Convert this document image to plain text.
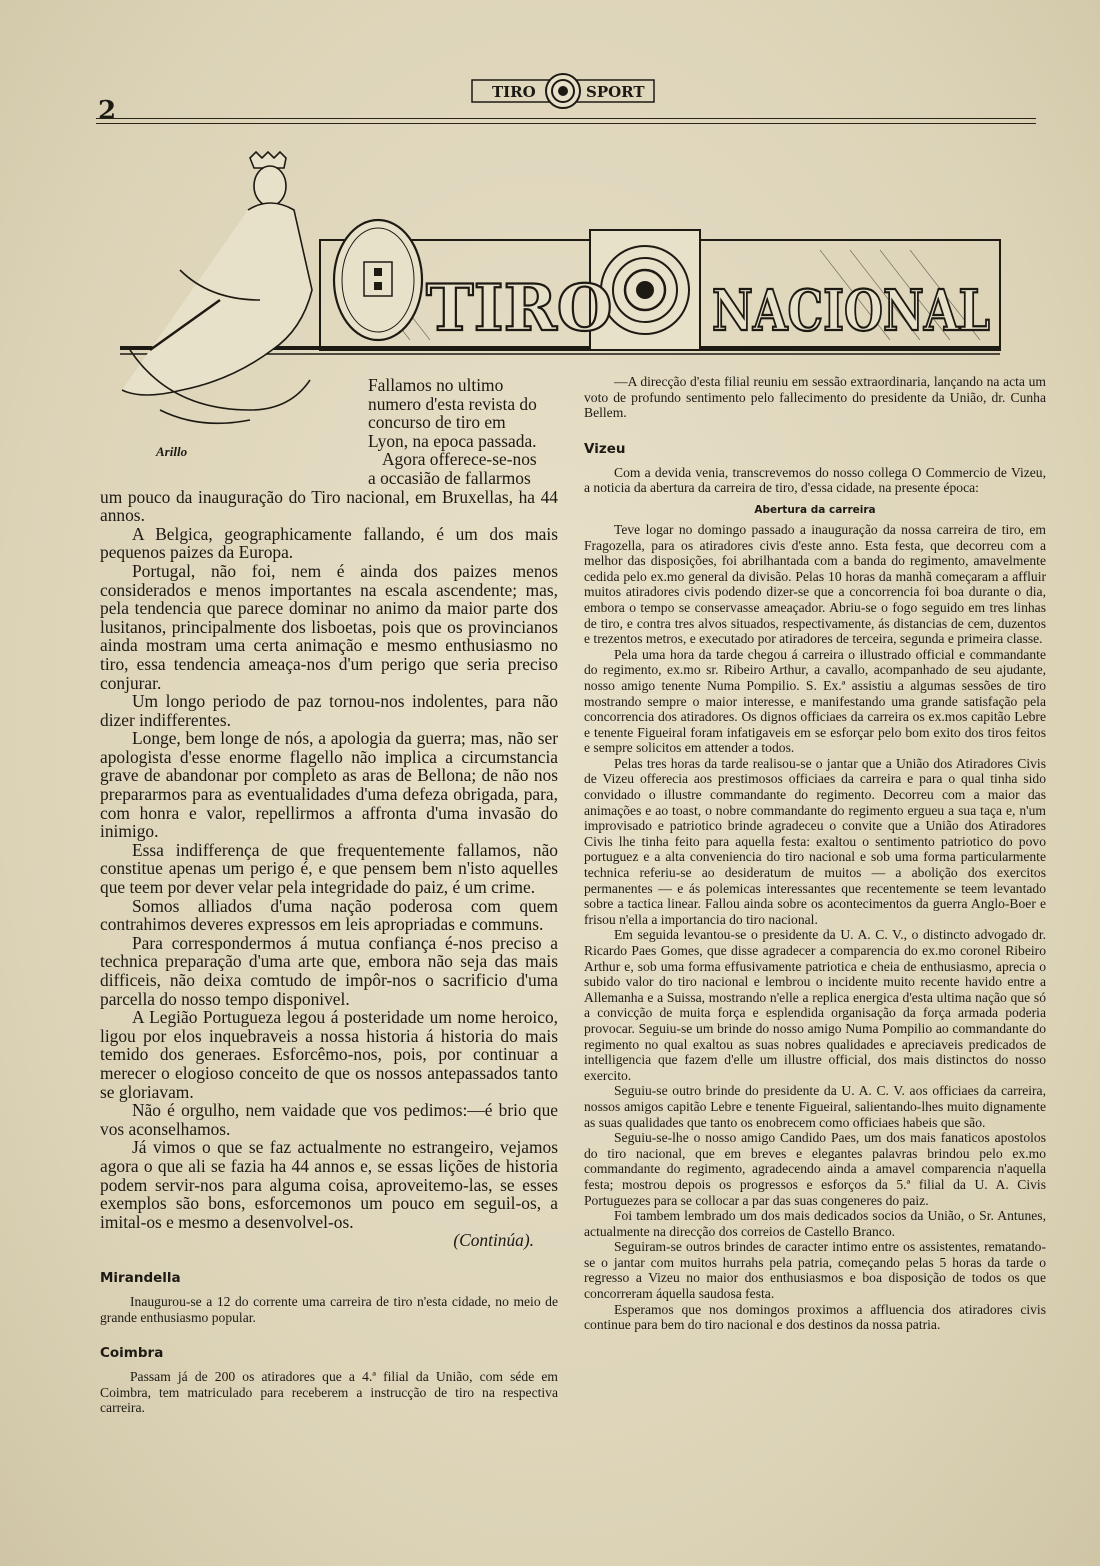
2
TIRO	SPORT
TIRO NACIONAL
Arillo

Fallamos no ultimo

numero d'esta revista do

concurso de tiro em

Lyon, na epoca passada.

Agora offerece-se-nos

a occasião de fallarmos

um pouco da inauguração do Tiro nacional, em Bruxellas, ha 44 annos.

A Belgica, geographicamente fallando, é um dos mais pequenos paizes da Europa.

Portugal, não foi, nem é ainda dos paizes menos considerados e menos importantes na escala ascendente; mas, pela tendencia que parece dominar no animo da maior parte dos lusitanos, principalmente dos lisboetas, pois que os provincianos ainda mostram uma certa animação e mesmo enthusiasmo no tiro, essa tendencia ameaça-nos d'um perigo que seria preciso conjurar.

Um longo periodo de paz tornou-nos indolentes, para não dizer indifferentes.

Longe, bem longe de nós, a apologia da guerra; mas, não ser apologista d'esse enorme flagello não implica a circumstancia grave de abandonar por completo as aras de Bellona; de não nos prepararmos para as eventualidades d'uma defeza obrigada, para, com honra e valor, repellirmos a affronta d'uma invasão do inimigo.

Essa indifferença de que frequentemente fallamos, não constitue apenas um perigo é, e que pensem bem n'isto aquelles que teem por dever velar pela integridade do paiz, é um crime.

Somos alliados d'uma nação poderosa com quem contrahimos deveres expressos em leis apropriadas e communs.

Para correspondermos á mutua confiança é-nos preciso a technica preparação d'uma arte que, embora não seja das mais difficeis, não deixa comtudo de impôr-nos o sacrificio d'uma parcella do nosso tempo disponivel.

A Legião Portugueza legou á posteridade um nome heroico, ligou por elos inquebraveis a nossa historia á historia do mais temido dos generaes. Esforcêmo-nos, pois, por continuar a merecer o elogioso conceito de que os nossos antepassados tanto se gloriavam.

Não é orgulho, nem vaidade que vos pedimos:—é brio que vos aconselhamos.

Já vimos o que se faz actualmente no estrangeiro, vejamos agora o que ali se fazia ha 44 annos e, se essas lições de historia podem servir-nos para alguma coisa, aproveitemo-las, se esses exemplos são bons, esforcemonos um pouco em seguil-os, a imital-os e mesmo a desenvolvel-os.

(Continúa).

Mirandella

Inaugurou-se a 12 do corrente uma carreira de tiro n'esta cidade, no meio de grande enthusiasmo popular.

Coimbra

Passam já de 200 os atiradores que a 4.ª filial da União, com séde em Coimbra, tem matriculado para receberem a instrucção de tiro na respectiva carreira.

—A direcção d'esta filial reuniu em sessão extraordinaria, lançando na acta um voto de profundo sentimento pelo fallecimento do presidente da União, dr. Cunha Bellem.

Vizeu

Com a devida venia, transcrevemos do nosso collega O Commercio de Vizeu, a noticia da abertura da carreira de tiro, d'essa cidade, na presente época:

Abertura da carreira

Teve logar no domingo passado a inauguração da nossa carreira de tiro, em Fragozella, para os atiradores civis d'este anno. Esta festa, que decorreu com a melhor das disposições, foi abrilhantada com a banda do regimento, amavelmente cedida pelo ex.mo general da divisão. Pelas 10 horas da manhã começaram a affluir muitos atiradores civis podendo dizer-se que a concorrencia foi boa durante o dia, embora o tempo se conservasse ameaçador. Abriu-se o fogo seguido em tres linhas de tiro, e contra tres alvos situados, respectivamente, ás distancias de cem, duzentos e trezentos metros, e executado por atiradores de terceira, segunda e primeira classe.

Pela uma hora da tarde chegou á carreira o illustrado official e commandante do regimento, ex.mo sr. Ribeiro Arthur, a cavallo, acompanhado de seu ajudante, nosso amigo tenente Numa Pompilio. S. Ex.ª assistiu a algumas sessões de tiro mostrando sempre o maior interesse, e manifestando uma grande satisfação pela concorrencia dos atiradores. Os dignos officiaes da carreira os ex.mos capitão Lebre e tenente Figueiral foram infatigaveis em se esforçar pelo bom exito dos tiros feitos e sempre solicitos em attender a todos.

Pelas tres horas da tarde realisou-se o jantar que a União dos Atiradores Civis de Vizeu offerecia aos prestimosos officiaes da carreira e para o qual tinha sido convidado o illustre commandante do regimento. Decorreu com a maior das animações e ao toast, o nobre commandante do regimento ergueu a sua taça e, n'um improvisado e patriotico brinde agradeceu o convite que a União dos Atiradores Civis lhe tinha feito para aquella festa: exaltou o sentimento patriotico do povo portuguez e a alta conveniencia do tiro nacional e sob uma forma particularmente technica referiu-se ao desideratum de muitos — a abolição dos exercitos permanentes — e ás polemicas interessantes que recentemente se teem levantado sobre a tactica linear. Fallou ainda sobre os acontecimentos da guerra Anglo-Boer e frisou n'ella a importancia do tiro nacional.

Em seguida levantou-se o presidente da U. A. C. V., o distincto advogado dr. Ricardo Paes Gomes, que disse agradecer a comparencia do ex.mo coronel Ribeiro Arthur e, sob uma forma effusivamente patriotica e cheia de enthusiasmo, aprecia o subido valor do tiro nacional e lembrou o incidente muito recente havido entre a Allemanha e a Suissa, mostrando n'elle a replica energica d'esta ultima nação que só a convicção de muita força e esplendida organisação da força armada poderia provocar. Seguiu-se um brinde do nosso amigo Numa Pompilio ao commandante do regimento no qual exaltou as suas nobres qualidades e apreciaveis predicados de intelligencia que fazem d'elle um illustre official, dos mais distinctos do nosso exercito.

Seguiu-se outro brinde do presidente da U. A. C. V. aos officiaes da carreira, nossos amigos capitão Lebre e tenente Figueiral, salientando-lhes muito dignamente as suas qualidades que tanto os enobrecem como officiaes habeis que são.

Seguiu-se-lhe o nosso amigo Candido Paes, um dos mais fanaticos apostolos do tiro nacional, que em breves e elegantes palavras brindou pelo ex.mo commandante do regimento, agradecendo ainda a amavel comparencia n'aquella festa; mostrou depois os progressos e esforços da 5.ª filial da U. A. Civis Portuguezes para se collocar a par das suas congeneres do paiz.

Foi tambem lembrado um dos mais dedicados socios da União, o Sr. Antunes, actualmente na direcção dos correios de Castello Branco.

Seguiram-se outros brindes de caracter intimo entre os assistentes, rematando-se o jantar com muitos hurrahs pela patria, começando pelas 5 horas da tarde o regresso a Vizeu no maior dos enthusiasmos e boa disposição de todos os que concorreram áquella saudosa festa.

Esperamos que nos domingos proximos a affluencia dos atiradores civis continue para bem do tiro nacional e dos destinos da nossa patria.
